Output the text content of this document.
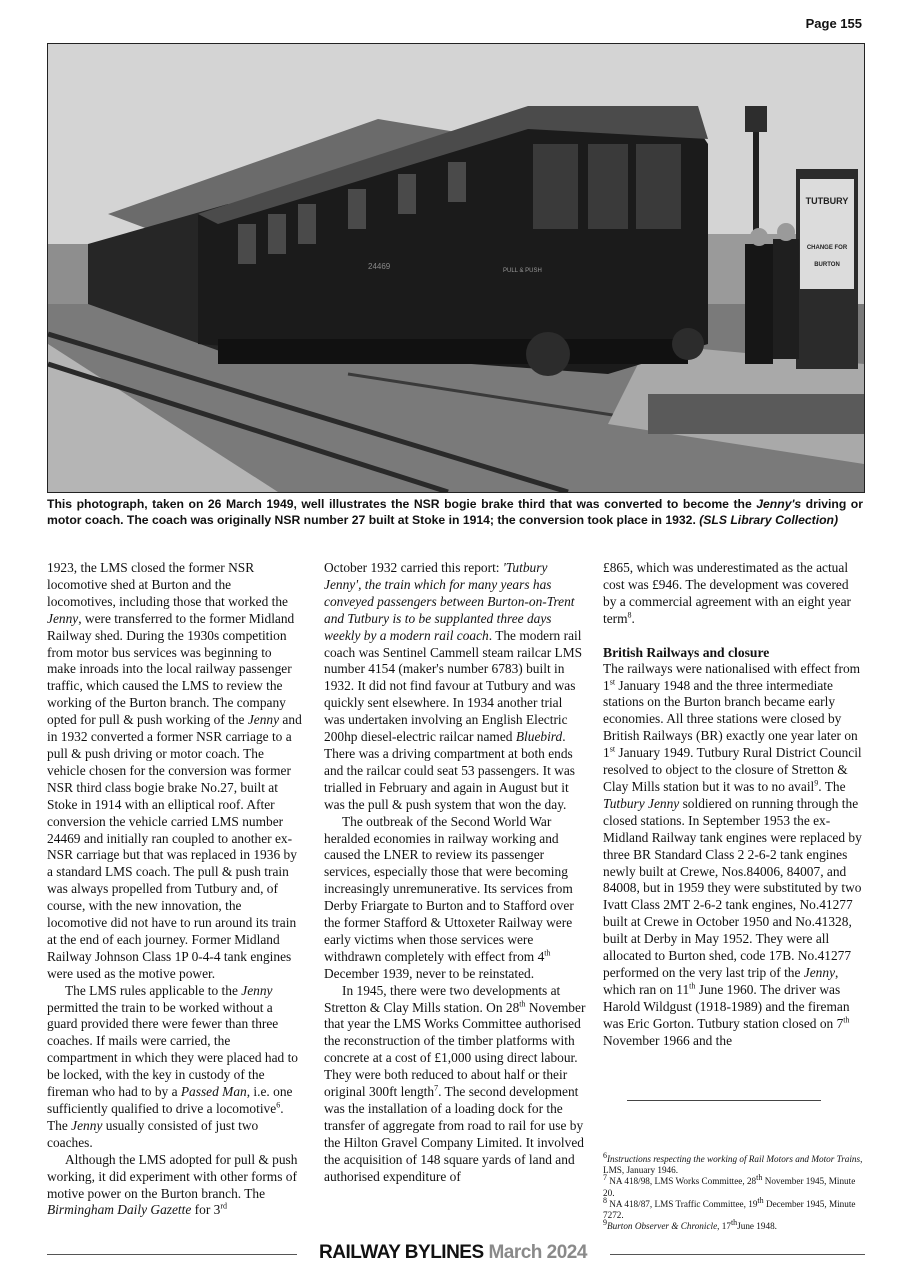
Page 155
TUTBURY
CHANGE FOR
BURTON
24469	PULL & PUSH
This photograph, taken on 26 March 1949, well illustrates the NSR bogie brake third that was converted to become the Jenny's driving or motor coach. The coach was originally NSR number 27 built at Stoke in 1914; the conversion took place in 1932. (SLS Library Collection)

1923, the LMS closed the former NSR locomotive shed at Burton and the locomotives, including those that worked the Jenny, were transferred to the former Midland Railway shed. During the 1930s competition from motor bus services was beginning to make inroads into the local railway passenger traffic, which caused the LMS to review the working of the Burton branch. The company opted for pull & push working of the Jenny and in 1932 converted a former NSR carriage to a pull & push driving or motor coach. The vehicle chosen for the conversion was former NSR third class bogie brake No.27, built at Stoke in 1914 with an elliptical roof. After conversion the vehicle carried LMS number 24469 and initially ran coupled to another ex-NSR carriage but that was replaced in 1936 by a standard LMS coach. The pull & push train was always propelled from Tutbury and, of course, with the new innovation, the locomotive did not have to run around its train at the end of each journey. Former Midland Railway Johnson Class 1P 0-4-4 tank engines were used as the motive power.

The LMS rules applicable to the Jenny permitted the train to be worked without a guard provided there were fewer than three coaches. If mails were carried, the compartment in which they were placed had to be locked, with the key in custody of the fireman who had to by a Passed Man, i.e. one sufficiently qualified to drive a locomotive$^6$. The Jenny usually consisted of just two coaches.

Although the LMS adopted for pull & push working, it did experiment with other forms of motive power on the Burton branch. The Birmingham Daily Gazette for 3rd

October 1932 carried this report: 'Tutbury Jenny', the train which for many years has conveyed passengers between Burton-on-Trent and Tutbury is to be supplanted three days weekly by a modern rail coach. The modern rail coach was Sentinel Cammell steam railcar LMS number 4154 (maker's number 6783) built in 1932. It did not find favour at Tutbury and was quickly sent elsewhere. In 1934 another trial was undertaken involving an English Electric 200hp diesel-electric railcar named Bluebird. There was a driving compartment at both ends and the railcar could seat 53 passengers. It was trialled in February and again in August but it was the pull & push system that won the day.

The outbreak of the Second World War heralded economies in railway working and caused the LNER to review its passenger services, especially those that were becoming increasingly unremunerative. Its services from Derby Friargate to Burton and to Stafford over the former Stafford & Uttoxeter Railway were early victims when those services were withdrawn completely with effect from 4th December 1939, never to be reinstated.

In 1945, there were two developments at Stretton & Clay Mills station. On 28th November that year the LMS Works Committee authorised the reconstruction of the timber platforms with concrete at a cost of £1,000 using direct labour. They were both reduced to about half or their original 300ft length$^7$. The second development was the installation of a loading dock for the transfer of aggregate from road to rail for use by the Hilton Gravel Company Limited. It involved the acquisition of 148 square yards of land and authorised expenditure of

£865, which was underestimated as the actual cost was £946. The development was covered by a commercial agreement with an eight year term$^8$.

British Railways and closure

The railways were nationalised with effect from 1st January 1948 and the three intermediate stations on the Burton branch became early economies. All three stations were closed by British Railways (BR) exactly one year later on 1st January 1949. Tutbury Rural District Council resolved to object to the closure of Stretton & Clay Mills station but it was to no avail$^9$. The Tutbury Jenny soldiered on running through the closed stations. In September 1953 the ex-Midland Railway tank engines were replaced by three BR Standard Class 2 2-6-2 tank engines newly built at Crewe, Nos.84006, 84007, and 84008, but in 1959 they were substituted by two Ivatt Class 2MT 2-6-2 tank engines, No.41277 built at Crewe in October 1950 and No.41328, built at Derby in May 1952. They were all allocated to Burton shed, code 17B. No.41277 performed on the very last trip of the Jenny, which ran on 11th June 1960. The driver was Harold Wildgust (1918-1989) and the fireman was Eric Gorton. Tutbury station closed on 7th November 1966 and the

$^6$Instructions respecting the working of Rail Motors and Motor Trains, LMS, January 1946.

$^7$ NA 418/98, LMS Works Committee, 28th November 1945, Minute 20.

$^8$ NA 418/87, LMS Traffic Committee, 19th December 1945, Minute 7272.

$^9$Burton Observer & Chronicle, 17thJune 1948.

RAILWAY BYLINES March 2024
